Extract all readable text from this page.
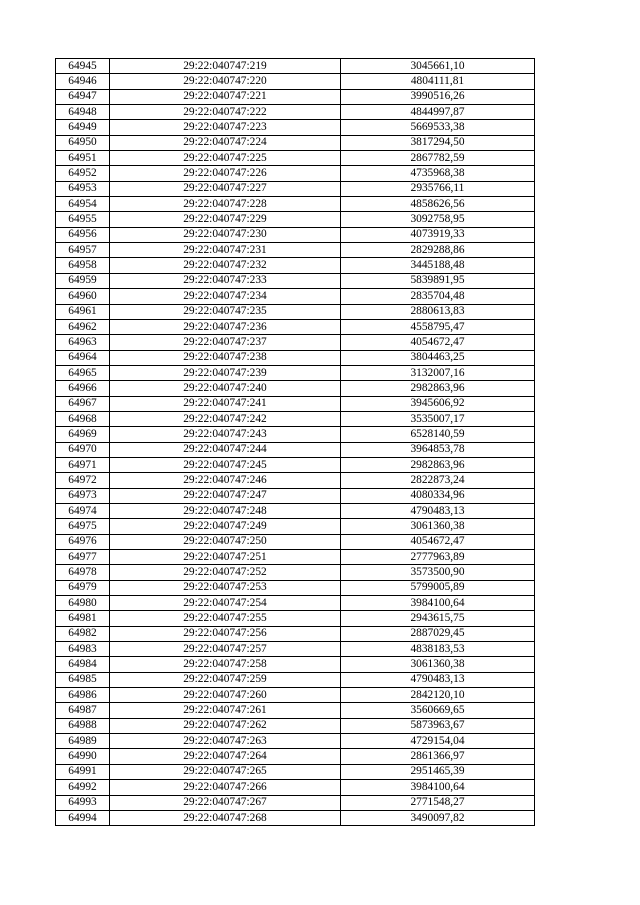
64945	29:22:040747:219	3045661,10
64946	29:22:040747:220	4804111,81
64947	29:22:040747:221	3990516,26
64948	29:22:040747:222	4844997,87
64949	29:22:040747:223	5669533,38
64950	29:22:040747:224	3817294,50
64951	29:22:040747:225	2867782,59
64952	29:22:040747:226	4735968,38
64953	29:22:040747:227	2935766,11
64954	29:22:040747:228	4858626,56
64955	29:22:040747:229	3092758,95
64956	29:22:040747:230	4073919,33
64957	29:22:040747:231	2829288,86
64958	29:22:040747:232	3445188,48
64959	29:22:040747:233	5839891,95
64960	29:22:040747:234	2835704,48
64961	29:22:040747:235	2880613,83
64962	29:22:040747:236	4558795,47
64963	29:22:040747:237	4054672,47
64964	29:22:040747:238	3804463,25
64965	29:22:040747:239	3132007,16
64966	29:22:040747:240	2982863,96
64967	29:22:040747:241	3945606,92
64968	29:22:040747:242	3535007,17
64969	29:22:040747:243	6528140,59
64970	29:22:040747:244	3964853,78
64971	29:22:040747:245	2982863,96
64972	29:22:040747:246	2822873,24
64973	29:22:040747:247	4080334,96
64974	29:22:040747:248	4790483,13
64975	29:22:040747:249	3061360,38
64976	29:22:040747:250	4054672,47
64977	29:22:040747:251	2777963,89
64978	29:22:040747:252	3573500,90
64979	29:22:040747:253	5799005,89
64980	29:22:040747:254	3984100,64
64981	29:22:040747:255	2943615,75
64982	29:22:040747:256	2887029,45
64983	29:22:040747:257	4838183,53
64984	29:22:040747:258	3061360,38
64985	29:22:040747:259	4790483,13
64986	29:22:040747:260	2842120,10
64987	29:22:040747:261	3560669,65
64988	29:22:040747:262	5873963,67
64989	29:22:040747:263	4729154,04
64990	29:22:040747:264	2861366,97
64991	29:22:040747:265	2951465,39
64992	29:22:040747:266	3984100,64
64993	29:22:040747:267	2771548,27
64994	29:22:040747:268	3490097,82
